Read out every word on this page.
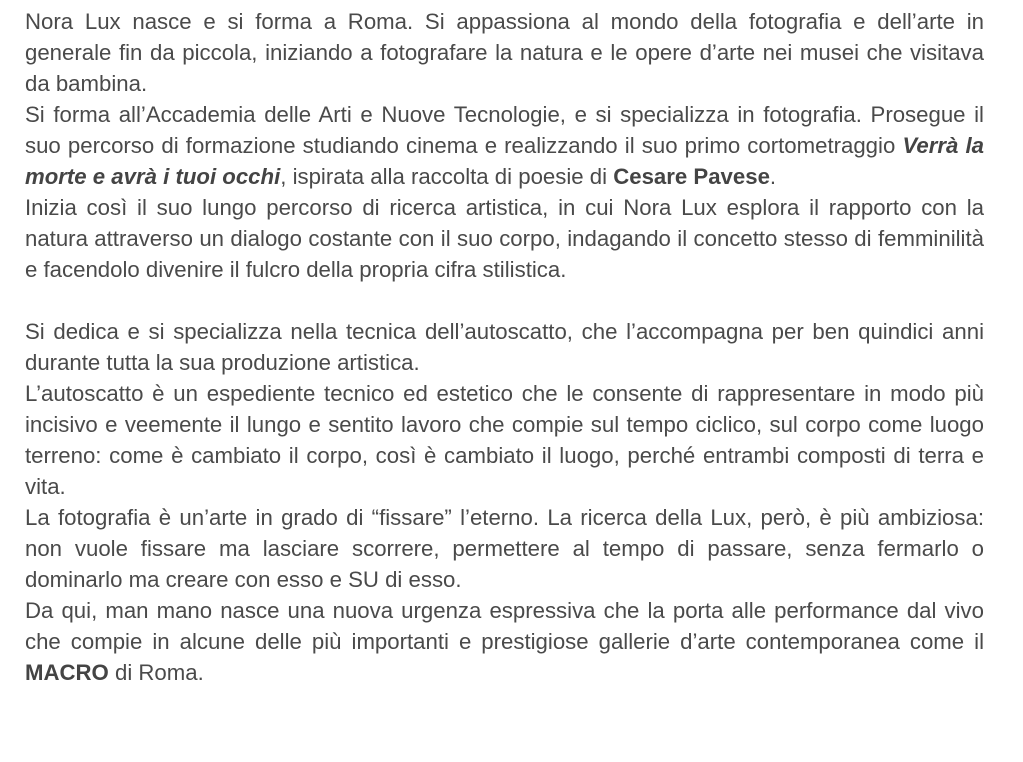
Nora Lux nasce e si forma a Roma. Si appassiona al mondo della fotografia e dell’arte in generale fin da piccola, iniziando a fotografare la natura e le opere d’arte nei musei che visitava da bambina.

Si forma all’Accademia delle Arti e Nuove Tecnologie, e si specializza in fotografia. Prosegue il suo percorso di formazione studiando cinema e realizzando il suo primo cortometraggio Verrà la morte e avrà i tuoi occhi, ispirata alla raccolta di poesie di Cesare Pavese.

Inizia così il suo lungo percorso di ricerca artistica, in cui Nora Lux esplora il rapporto con la natura attraverso un dialogo costante con il suo corpo, indagando il concetto stesso di femminilità e facendolo divenire il fulcro della propria cifra stilistica.

Si dedica e si specializza nella tecnica dell’autoscatto, che l’accompagna per ben quindici anni durante tutta la sua produzione artistica.

L’autoscatto è un espediente tecnico ed estetico che le consente di rappresentare in modo più incisivo e veemente il lungo e sentito lavoro che compie sul tempo ciclico, sul corpo come luogo terreno: come è cambiato il corpo, così è cambiato il luogo, perché entrambi composti di terra e vita.

La fotografia è un’arte in grado di “fissare” l’eterno. La ricerca della Lux, però, è più ambiziosa: non vuole fissare ma lasciare scorrere, permettere al tempo di passare, senza fermarlo o dominarlo ma creare con esso e SU di esso.

Da qui, man mano nasce una nuova urgenza espressiva che la porta alle performance dal vivo che compie in alcune delle più importanti e prestigiose gallerie d’arte contemporanea come il MACRO di Roma.
